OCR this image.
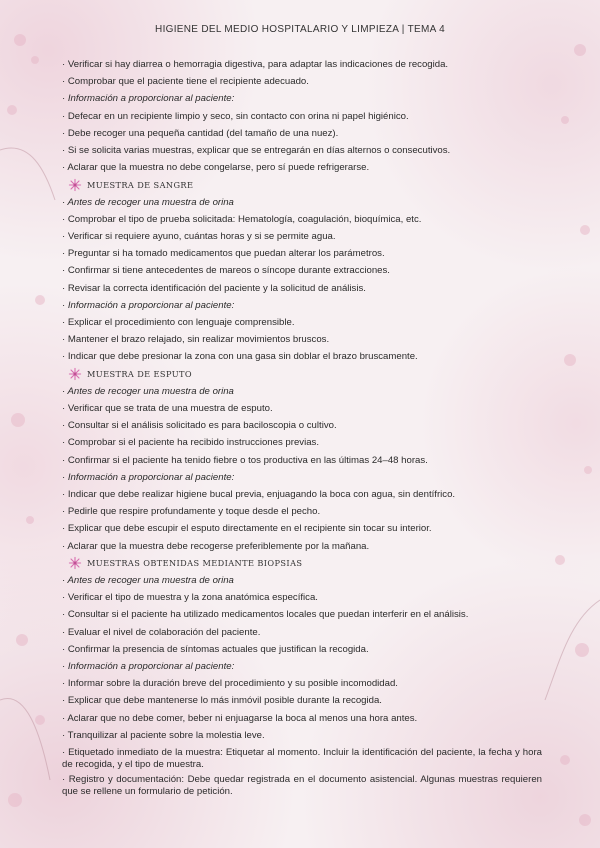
HIGIENE DEL MEDIO HOSPITALARIO Y LIMPIEZA | TEMA 4
· Verificar si hay diarrea o hemorragia digestiva, para adaptar las indicaciones de recogida.
· Comprobar que el paciente tiene el recipiente adecuado.
· Información a proporcionar al paciente:
· Defecar en un recipiente limpio y seco, sin contacto con orina ni papel higiénico.
· Debe recoger una pequeña cantidad (del tamaño de una nuez).
· Si se solicita varias muestras, explicar que se entregarán en días alternos o consecutivos.
· Aclarar que la muestra no debe congelarse, pero sí puede refrigerarse.
MUESTRA DE SANGRE
· Antes de recoger una muestra de orina
· Comprobar el tipo de prueba solicitada: Hematología, coagulación, bioquímica, etc.
· Verificar si requiere ayuno, cuántas horas y si se permite agua.
· Preguntar si ha tomado medicamentos que puedan alterar los parámetros.
· Confirmar si tiene antecedentes de mareos o síncope durante extracciones.
· Revisar la correcta identificación del paciente y la solicitud de análisis.
· Información a proporcionar al paciente:
· Explicar el procedimiento con lenguaje comprensible.
· Mantener el brazo relajado, sin realizar movimientos bruscos.
· Indicar que debe presionar la zona con una gasa sin doblar el brazo bruscamente.
MUESTRA DE ESPUTO
· Antes de recoger una muestra de orina
· Verificar que se trata de una muestra de esputo.
· Consultar si el análisis solicitado es para baciloscopia o cultivo.
· Comprobar si el paciente ha recibido instrucciones previas.
· Confirmar si el paciente ha tenido fiebre o tos productiva en las últimas 24–48 horas.
· Información a proporcionar al paciente:
· Indicar que debe realizar higiene bucal previa, enjuagando la boca con agua, sin dentífrico.
· Pedirle que respire profundamente y toque desde el pecho.
· Explicar que debe escupir el esputo directamente en el recipiente sin tocar su interior.
· Aclarar que la muestra debe recogerse preferiblemente por la mañana.
MUESTRAS OBTENIDAS MEDIANTE BIOPSIAS
· Antes de recoger una muestra de orina
· Verificar el tipo de muestra y la zona anatómica específica.
· Consultar si el paciente ha utilizado medicamentos locales que puedan interferir en el análisis.
· Evaluar el nivel de colaboración del paciente.
· Confirmar la presencia de síntomas actuales que justifican la recogida.
· Información a proporcionar al paciente:
· Informar sobre la duración breve del procedimiento y su posible incomodidad.
· Explicar que debe mantenerse lo más inmóvil posible durante la recogida.
· Aclarar que no debe comer, beber ni enjuagarse la boca al menos una hora antes.
· Tranquilizar al paciente sobre la molestia leve.
· Etiquetado inmediato de la muestra: Etiquetar al momento. Incluir la identificación del paciente, la fecha y hora de recogida, y el tipo de muestra.
· Registro y documentación: Debe quedar registrada en el documento asistencial. Algunas muestras requieren que se rellene un formulario de petición.
